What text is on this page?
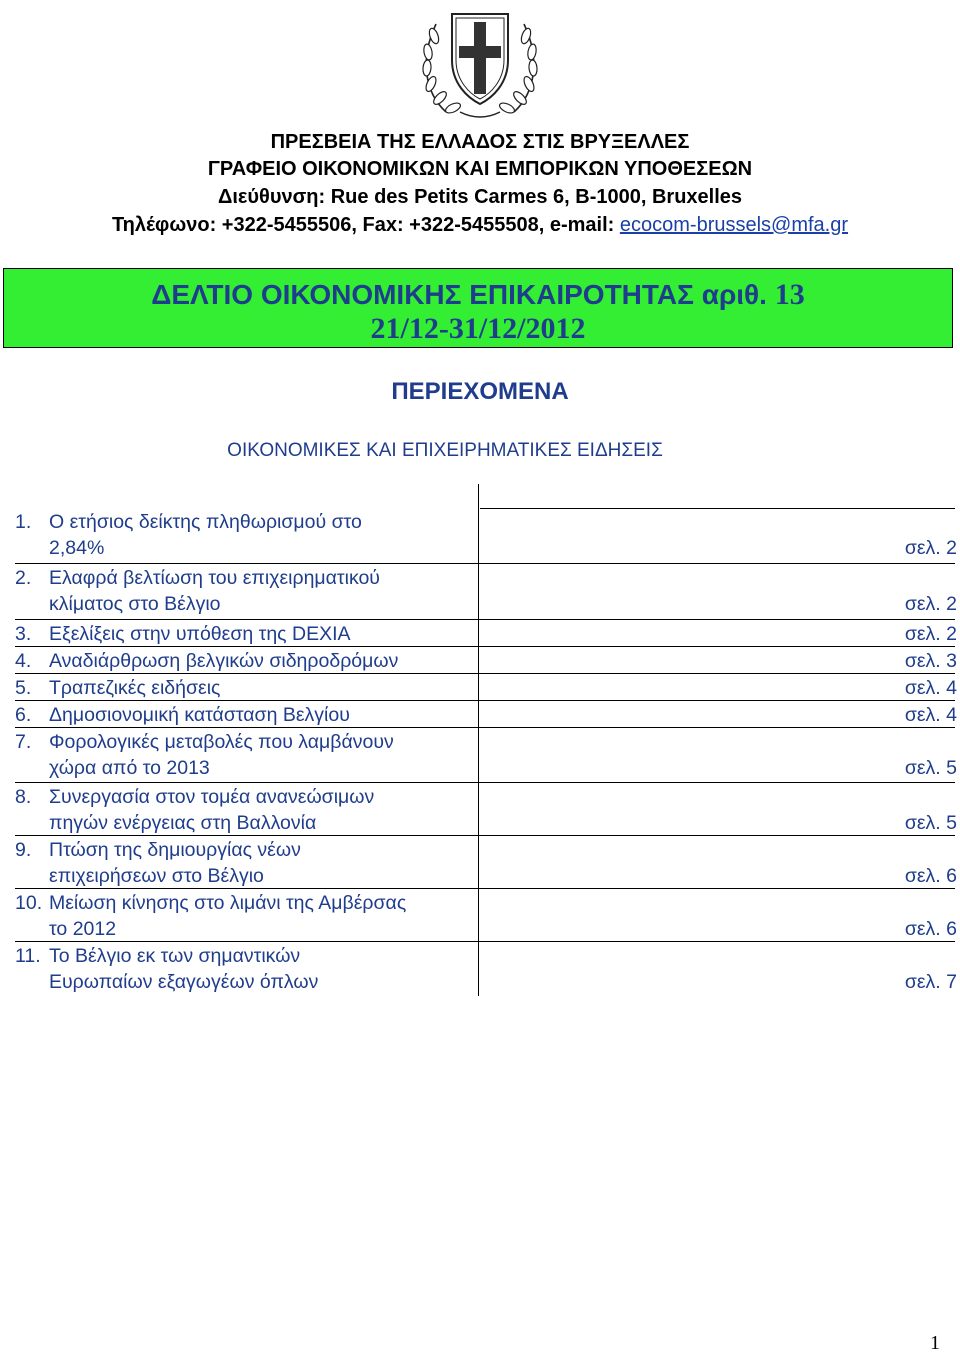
ΠΡΕΣΒΕΙΑ ΤΗΣ ΕΛΛΑΔΟΣ ΣΤΙΣ ΒΡΥΞΕΛΛΕΣ
ΓΡΑΦΕΙΟ ΟΙΚΟΝΟΜΙΚΩΝ ΚΑΙ ΕΜΠΟΡΙΚΩΝ ΥΠΟΘΕΣΕΩΝ
Διεύθυνση: Rue des Petits Carmes 6, B-1000, Bruxelles
Τηλέφωνο: +322-5455506, Fax: +322-5455508, e-mail: ecocom-brussels@mfa.gr
ΔΕΛΤΙΟ ΟΙΚΟΝΟΜΙΚΗΣ ΕΠΙΚΑΙΡΟΤΗΤΑΣ αριθ. 13
21/12-31/12/2012
ΠΕΡΙΕΧΟΜΕΝΑ
ΟΙΚΟΝΟΜΙΚΕΣ ΚΑΙ ΕΠΙΧΕΙΡΗΜΑΤΙΚΕΣ ΕΙΔΗΣΕΙΣ
1. Ο ετήσιος δείκτης πληθωρισμού στο
2,84%	σελ. 2
2. Ελαφρά βελτίωση του επιχειρηματικού
κλίματος στο Βέλγιο	σελ. 2
3. Εξελίξεις στην υπόθεση της DEXIA	σελ. 2
4. Αναδιάρθρωση βελγικών σιδηροδρόμων	σελ. 3
5. Τραπεζικές ειδήσεις	σελ. 4
6. Δημοσιονομική κατάσταση Βελγίου	σελ. 4
7. Φορολογικές μεταβολές που λαμβάνουν
χώρα από το 2013	σελ. 5
8. Συνεργασία στον τομέα ανανεώσιμων
πηγών ενέργειας στη Βαλλονία	σελ. 5
9. Πτώση της δημιουργίας νέων
επιχειρήσεων στο Βέλγιο	σελ. 6
10. Μείωση κίνησης στο λιμάνι της Αμβέρσας
το 2012	σελ. 6
11. Το Βέλγιο εκ των σημαντικών
Ευρωπαίων εξαγωγέων όπλων	σελ. 7
1
